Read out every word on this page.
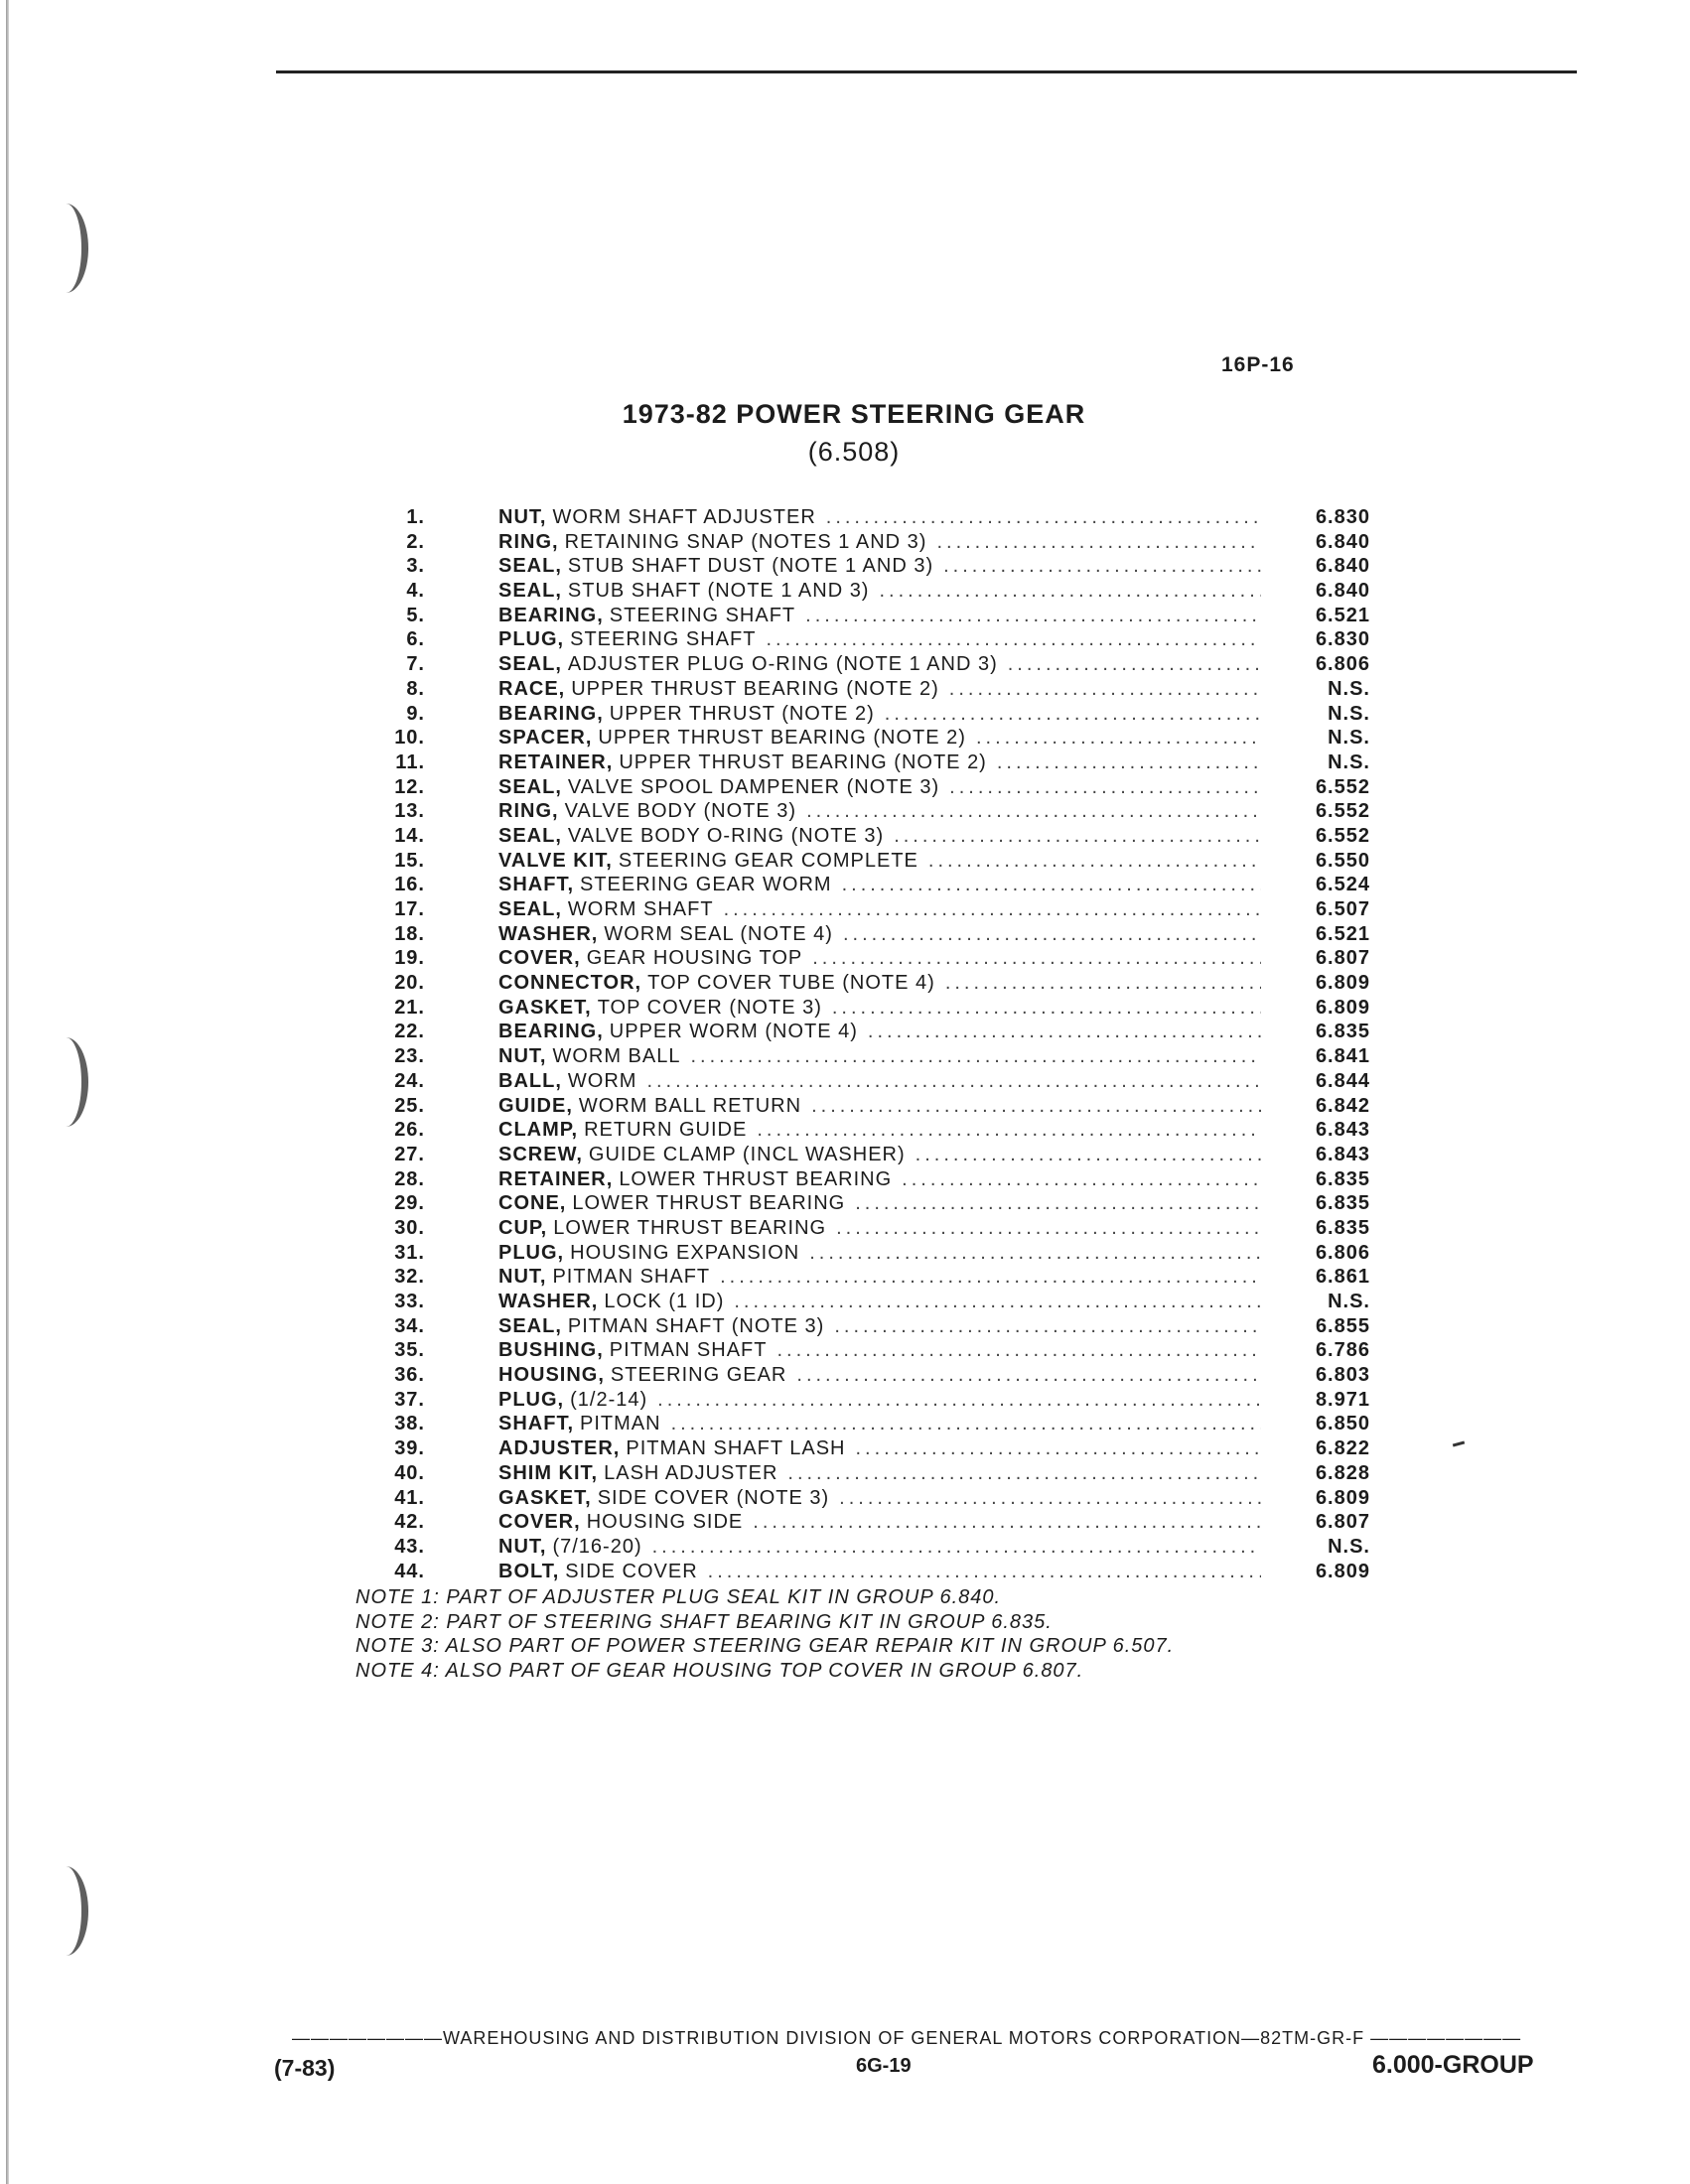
16P-16
1973-82 POWER STEERING GEAR
(6.508)
1.	NUT, WORM SHAFT ADJUSTER .....	6.830
2.	RING, RETAINING SNAP (NOTES 1 AND 3) .....	6.840
3.	SEAL, STUB SHAFT DUST (NOTE 1 AND 3) .....	6.840
4.	SEAL, STUB SHAFT (NOTE 1 AND 3) .....	6.840
5.	BEARING, STEERING SHAFT .....	6.521
6.	PLUG, STEERING SHAFT .....	6.830
7.	SEAL, ADJUSTER PLUG O-RING (NOTE 1 AND 3) .....	6.806
8.	RACE, UPPER THRUST BEARING (NOTE 2) .....	N.S.
9.	BEARING, UPPER THRUST (NOTE 2) .....	N.S.
10.	SPACER, UPPER THRUST BEARING (NOTE 2) .....	N.S.
11.	RETAINER, UPPER THRUST BEARING (NOTE 2) .....	N.S.
12.	SEAL, VALVE SPOOL DAMPENER (NOTE 3) .....	6.552
13.	RING, VALVE BODY (NOTE 3) .....	6.552
14.	SEAL, VALVE BODY O-RING (NOTE 3) .....	6.552
15.	VALVE KIT, STEERING GEAR COMPLETE .....	6.550
16.	SHAFT, STEERING GEAR WORM .....	6.524
17.	SEAL, WORM SHAFT .....	6.507
18.	WASHER, WORM SEAL (NOTE 4) .....	6.521
19.	COVER, GEAR HOUSING TOP .....	6.807
20.	CONNECTOR, TOP COVER TUBE (NOTE 4) .....	6.809
21.	GASKET, TOP COVER (NOTE 3) .....	6.809
22.	BEARING, UPPER WORM (NOTE 4) .....	6.835
23.	NUT, WORM BALL .....	6.841
24.	BALL, WORM .....	6.844
25.	GUIDE, WORM BALL RETURN .....	6.842
26.	CLAMP, RETURN GUIDE .....	6.843
27.	SCREW, GUIDE CLAMP (INCL WASHER) .....	6.843
28.	RETAINER, LOWER THRUST BEARING .....	6.835
29.	CONE, LOWER THRUST BEARING .....	6.835
30.	CUP, LOWER THRUST BEARING .....	6.835
31.	PLUG, HOUSING EXPANSION .....	6.806
32.	NUT, PITMAN SHAFT .....	6.861
33.	WASHER, LOCK (1 ID) .....	N.S.
34.	SEAL, PITMAN SHAFT (NOTE 3) .....	6.855
35.	BUSHING, PITMAN SHAFT .....	6.786
36.	HOUSING, STEERING GEAR .....	6.803
37.	PLUG, (1/2-14) .....	8.971
38.	SHAFT, PITMAN .....	6.850
39.	ADJUSTER, PITMAN SHAFT LASH .....	6.822
40.	SHIM KIT, LASH ADJUSTER .....	6.828
41.	GASKET, SIDE COVER (NOTE 3) .....	6.809
42.	COVER, HOUSING SIDE .....	6.807
43.	NUT, (7/16-20) .....	N.S.
44.	BOLT, SIDE COVER .....	6.809
NOTE 1: PART OF ADJUSTER PLUG SEAL KIT IN GROUP 6.840.
NOTE 2: PART OF STEERING SHAFT BEARING KIT IN GROUP 6.835.
NOTE 3: ALSO PART OF POWER STEERING GEAR REPAIR KIT IN GROUP 6.507.
NOTE 4: ALSO PART OF GEAR HOUSING TOP COVER IN GROUP 6.807.
————————WAREHOUSING AND DISTRIBUTION DIVISION OF GENERAL MOTORS CORPORATION—82TM-GR-F ————————
(7-83)	6G-19	6.000-GROUP
